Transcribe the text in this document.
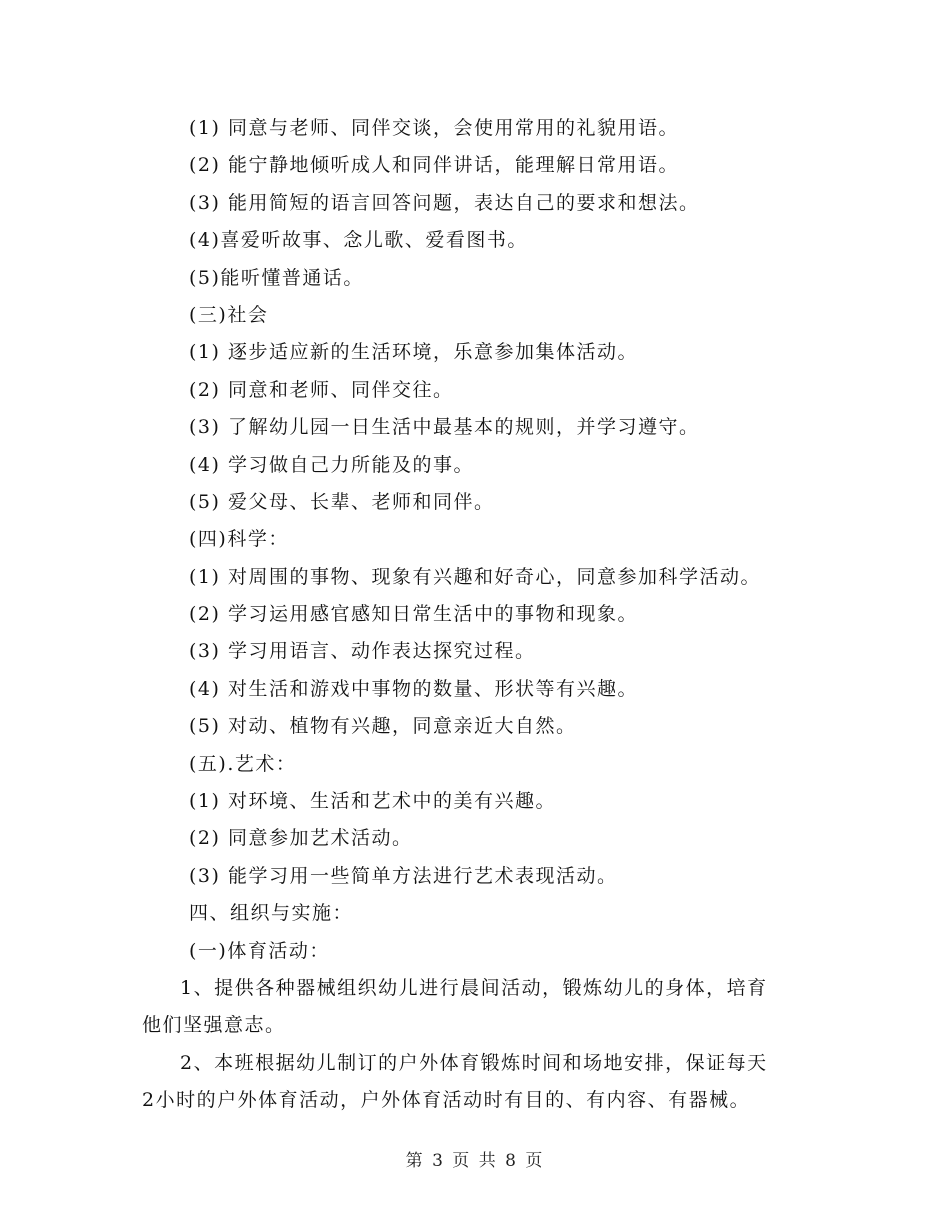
(1) 同意与老师、同伴交谈，会使用常用的礼貌用语。
(2) 能宁静地倾听成人和同伴讲话，能理解日常用语。
(3) 能用简短的语言回答问题，表达自己的要求和想法。
(4)喜爱听故事、念儿歌、爱看图书。
(5)能听懂普通话。
(三)社会
(1) 逐步适应新的生活环境，乐意参加集体活动。
(2) 同意和老师、同伴交往。
(3) 了解幼儿园一日生活中最基本的规则，并学习遵守。
(4) 学习做自己力所能及的事。
(5) 爱父母、长辈、老师和同伴。
(四)科学：
(1) 对周围的事物、现象有兴趣和好奇心，同意参加科学活动。
(2) 学习运用感官感知日常生活中的事物和现象。
(3) 学习用语言、动作表达探究过程。
(4) 对生活和游戏中事物的数量、形状等有兴趣。
(5) 对动、植物有兴趣，同意亲近大自然。
(五).艺术：
(1) 对环境、生活和艺术中的美有兴趣。
(2) 同意参加艺术活动。
(3) 能学习用一些简单方法进行艺术表现活动。
四、组织与实施：
(一)体育活动：
1、提供各种器械组织幼儿进行晨间活动，锻炼幼儿的身体，培育
他们坚强意志。
2、本班根据幼儿制订的户外体育锻炼时间和场地安排，保证每天
2小时的户外体育活动，户外体育活动时有目的、有内容、有器械。
第 3 页 共 8 页
